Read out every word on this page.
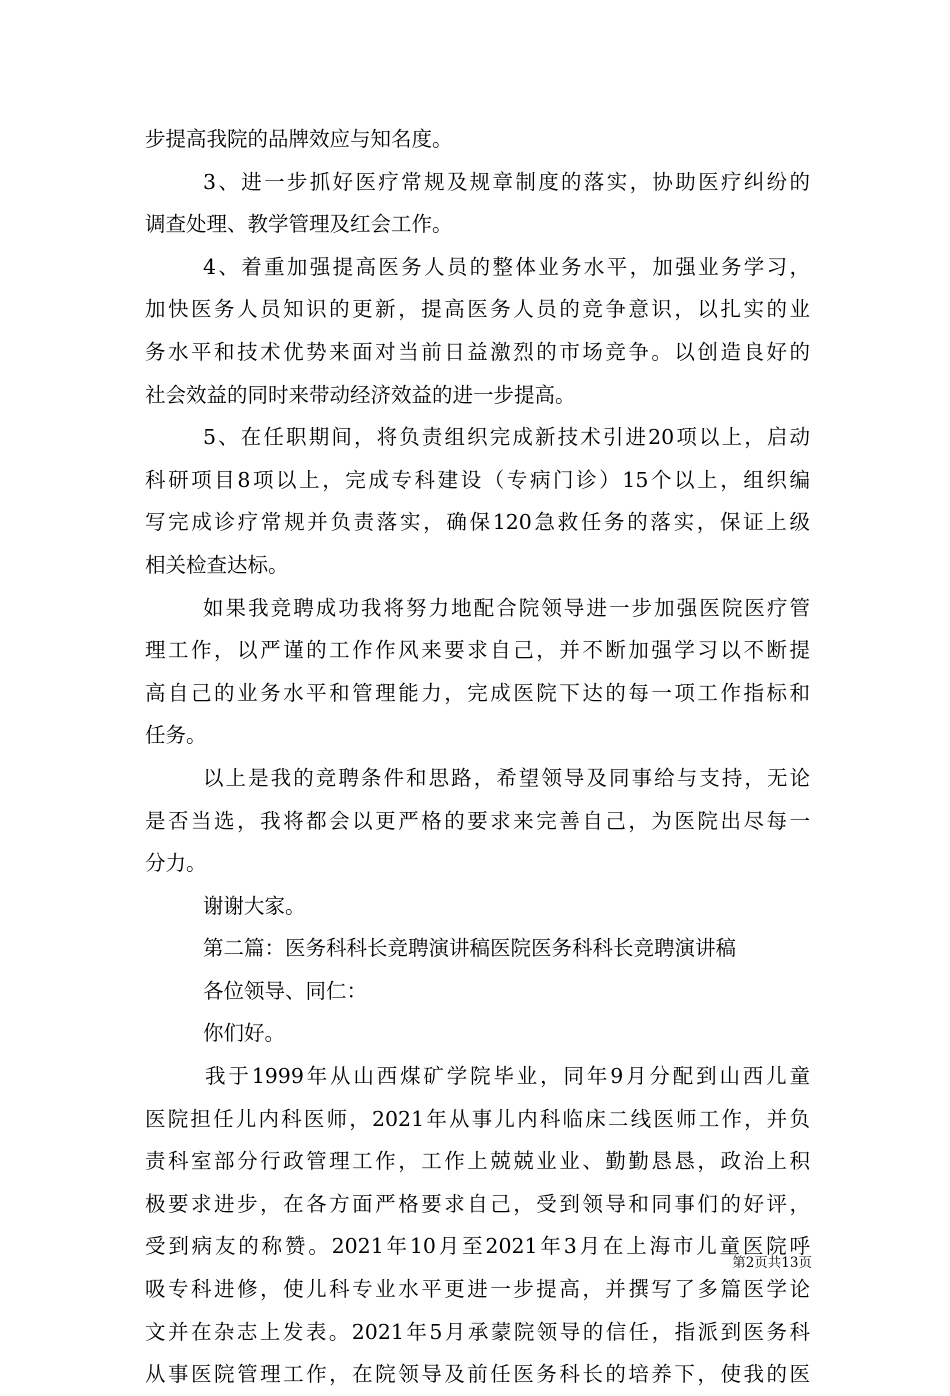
步提高我院的品牌效应与知名度。
3、进一步抓好医疗常规及规章制度的落实，协助医疗纠纷的
调查处理、教学管理及红会工作。
4、着重加强提高医务人员的整体业务水平，加强业务学习，
加快医务人员知识的更新，提高医务人员的竞争意识，以扎实的业
务水平和技术优势来面对当前日益激烈的市场竞争。以创造良好的
社会效益的同时来带动经济效益的进一步提高。
5、在任职期间，将负责组织完成新技术引进20项以上，启动
科研项目8项以上，完成专科建设（专病门诊）15个以上，组织编
写完成诊疗常规并负责落实，确保120急救任务的落实，保证上级
相关检查达标。
如果我竞聘成功我将努力地配合院领导进一步加强医院医疗管
理工作，以严谨的工作作风来要求自己，并不断加强学习以不断提
高自己的业务水平和管理能力，完成医院下达的每一项工作指标和
任务。
以上是我的竞聘条件和思路，希望领导及同事给与支持，无论
是否当选，我将都会以更严格的要求来完善自己，为医院出尽每一
分力。
谢谢大家。
第二篇：医务科科长竞聘演讲稿医院医务科科长竞聘演讲稿
各位领导、同仁：
你们好。
我于1999年从山西煤矿学院毕业，同年9月分配到山西儿童
医院担任儿内科医师，2021年从事儿内科临床二线医师工作，并负
责科室部分行政管理工作，工作上兢兢业业、勤勤恳恳，政治上积
极要求进步，在各方面严格要求自己，受到领导和同事们的好评，
受到病友的称赞。2021年10月至2021年3月在上海市儿童医院呼
吸专科进修，使儿科专业水平更进一步提高，并撰写了多篇医学论
文并在杂志上发表。2021年5月承蒙院领导的信任，指派到医务科
从事医院管理工作，在院领导及前任医务科长的培养下，使我的医
第2页共13页
